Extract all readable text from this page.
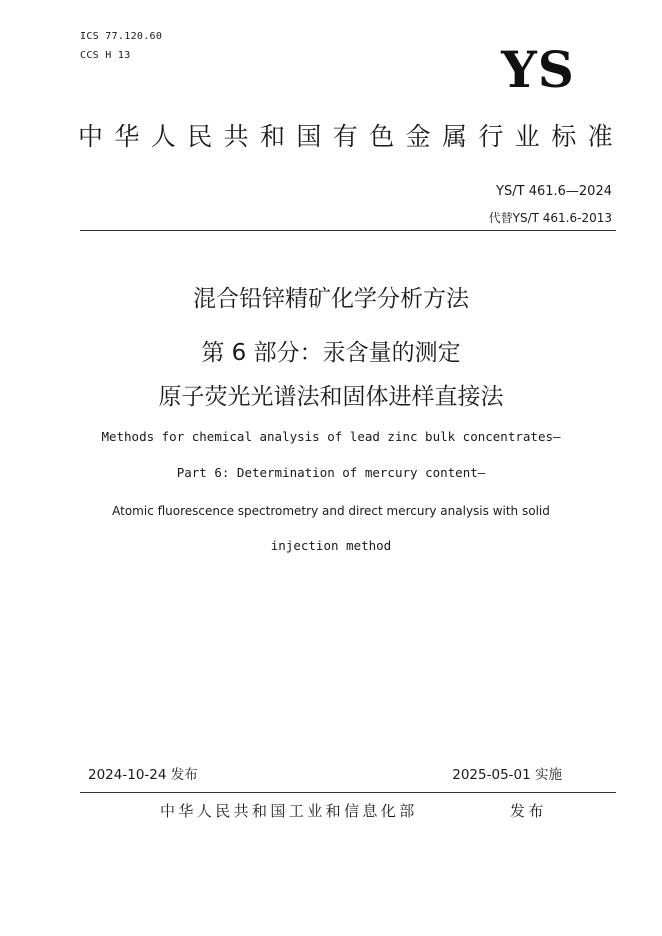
ICS 77.120.60
CCS H 13	YS
中华人民共和国有色金属行业标准
YS/T 461.6—2024
代替YS/T 461.6-2013
混合铅锌精矿化学分析方法
第 6 部分：汞含量的测定
原子荧光光谱法和固体进样直接法
Methods for chemical analysis of lead zinc bulk concentrates—
Part 6: Determination of mercury content—
Atomic fluorescence spectrometry and direct mercury analysis with solid
injection method
2024-10-24 发布	2025-05-01 实施
中华人民共和国工业和信息化部	发布
